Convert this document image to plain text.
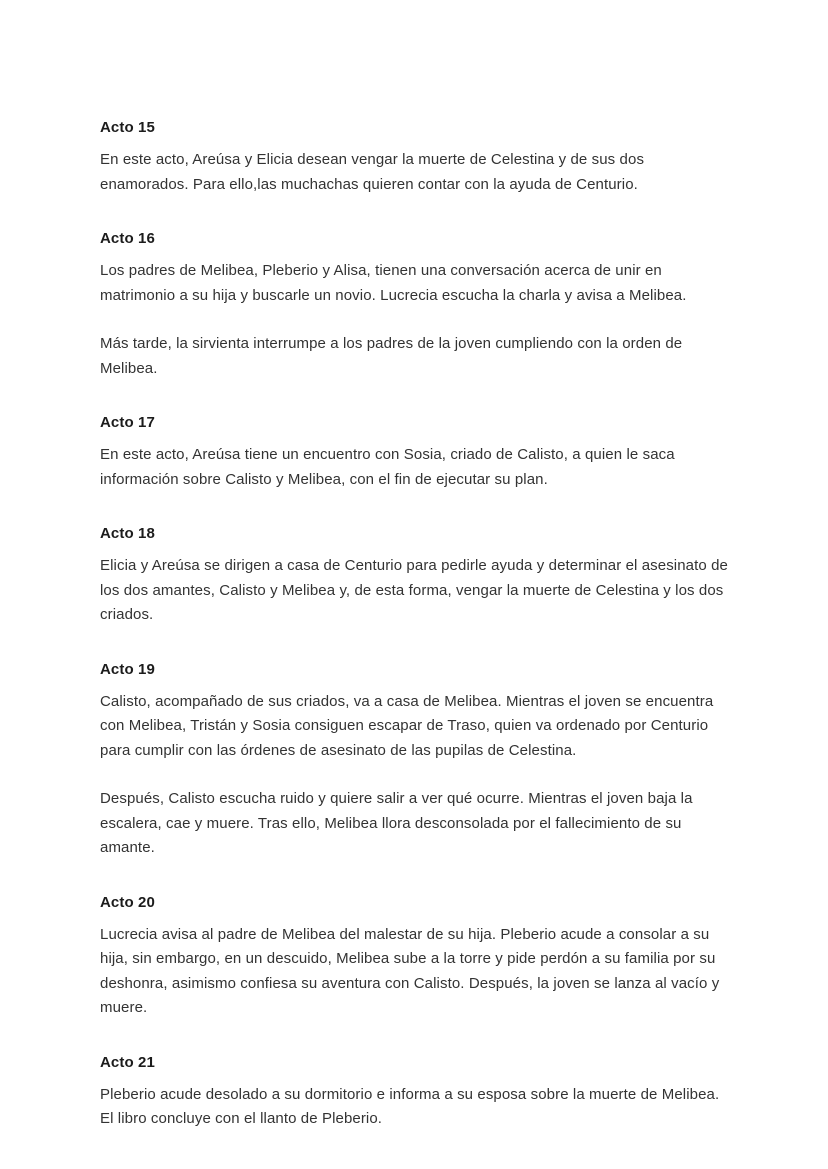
Acto 15

En este acto, Areúsa y Elicia desean vengar la muerte de Celestina y de sus dos enamorados. Para ello,las muchachas quieren contar con la ayuda de Centurio.

Acto 16

Los padres de Melibea, Pleberio y Alisa, tienen una conversación acerca de unir en matrimonio a su hija y buscarle un novio. Lucrecia escucha la charla y avisa a Melibea.

Más tarde, la sirvienta interrumpe a los padres de la joven cumpliendo con la orden de Melibea.

Acto 17

En este acto, Areúsa tiene un encuentro con Sosia, criado de Calisto, a quien le saca información sobre Calisto y Melibea, con el fin de ejecutar su plan.

Acto 18

Elicia y Areúsa se dirigen a casa de Centurio para pedirle ayuda y determinar el asesinato de los dos amantes, Calisto y Melibea y, de esta forma, vengar la muerte de Celestina y los dos criados.

Acto 19

Calisto, acompañado de sus criados, va a casa de Melibea. Mientras el joven se encuentra con Melibea, Tristán y Sosia consiguen escapar de Traso, quien va ordenado por Centurio para cumplir con las órdenes de asesinato de las pupilas de Celestina.

Después, Calisto escucha ruido y quiere salir a ver qué ocurre. Mientras el joven baja la escalera, cae y muere. Tras ello, Melibea llora desconsolada por el fallecimiento de su amante.

Acto 20

Lucrecia avisa al padre de Melibea del malestar de su hija. Pleberio acude a consolar a su hija, sin embargo, en un descuido, Melibea sube a la torre y pide perdón a su familia por su deshonra, asimismo confiesa su aventura con Calisto. Después, la joven se lanza al vacío y muere.

Acto 21

Pleberio acude desolado a su dormitorio e informa a su esposa sobre la muerte de Melibea. El libro concluye con el llanto de Pleberio.
